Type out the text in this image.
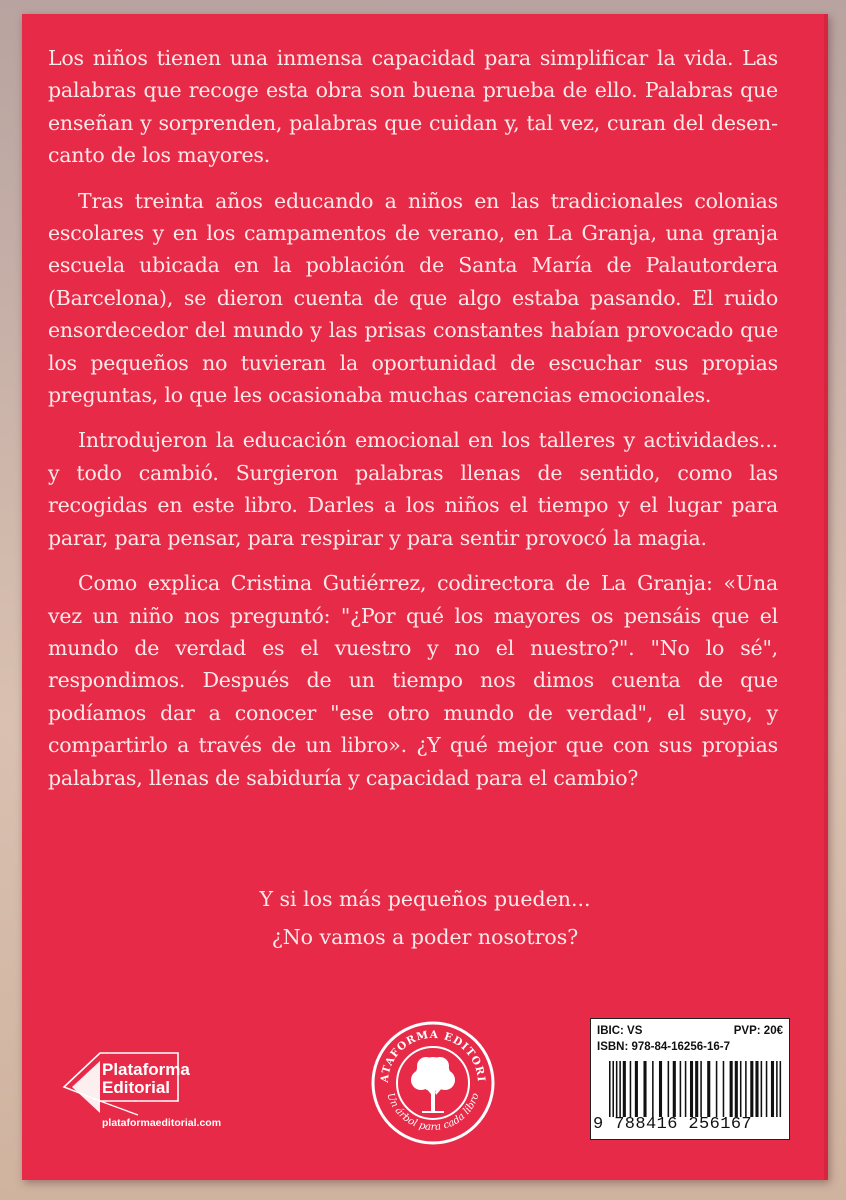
Los niños tienen una inmensa capacidad para simplificar la vida. Las palabras que recoge esta obra son buena prueba de ello. Palabras que enseñan y sorprenden, palabras que cuidan y, tal vez, curan del desencanto de los mayores.

Tras treinta años educando a niños en las tradicionales colonias escolares y en los campamentos de verano, en La Granja, una granja escuela ubicada en la población de Santa María de Palautordera (Barcelona), se dieron cuenta de que algo estaba pasando. El ruido ensordecedor del mundo y las prisas constantes habían provocado que los pequeños no tuvieran la oportunidad de escuchar sus propias preguntas, lo que les ocasionaba muchas carencias emocionales.

Introdujeron la educación emocional en los talleres y actividades... y todo cambió. Surgieron palabras llenas de sentido, como las recogidas en este libro. Darles a los niños el tiempo y el lugar para parar, para pensar, para respirar y para sentir provocó la magia.

Como explica Cristina Gutiérrez, codirectora de La Granja: «Una vez un niño nos preguntó: "¿Por qué los mayores os pensáis que el mundo de verdad es el vuestro y no el nuestro?". "No lo sé", respondimos. Después de un tiempo nos dimos cuenta de que podíamos dar a conocer "ese otro mundo de verdad", el suyo, y compartirlo a través de un libro». ¿Y qué mejor que con sus propias palabras, llenas de sabiduría y capacidad para el cambio?

Y si los más pequeños pueden...
¿No vamos a poder nosotros?
Plataforma
Editorial
plataformaeditorial.com
ATAFORMA EDITORI
Un árbol para cada libro
IBIC: VS	PVP: 20€
ISBN: 978-84-16256-16-7
9 788416 256167
